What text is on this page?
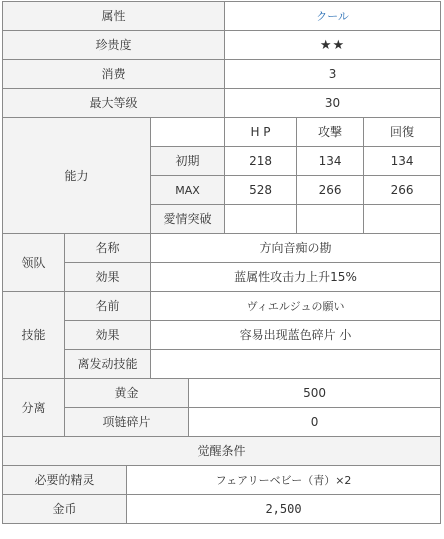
属性					クール		
珍贵度					★★		
消费					3		
最大等级					30		
能力					H P	攻撃	回復
			初期		218	134	134
			MAX		528	266	266
			愛情突破				
领队	名称		方向音痴の勘				
	効果		蓝属性攻击力上升15%				
技能	名前		ヴィエルジュの願い				
	効果		容易出现蓝色碎片 小				
	离发动技能						
分离	黄金			500			
	项链碎片			0			
觉醒条件							
必要的精灵		フェアリーベビー（青）×2					
金币		2,500					
